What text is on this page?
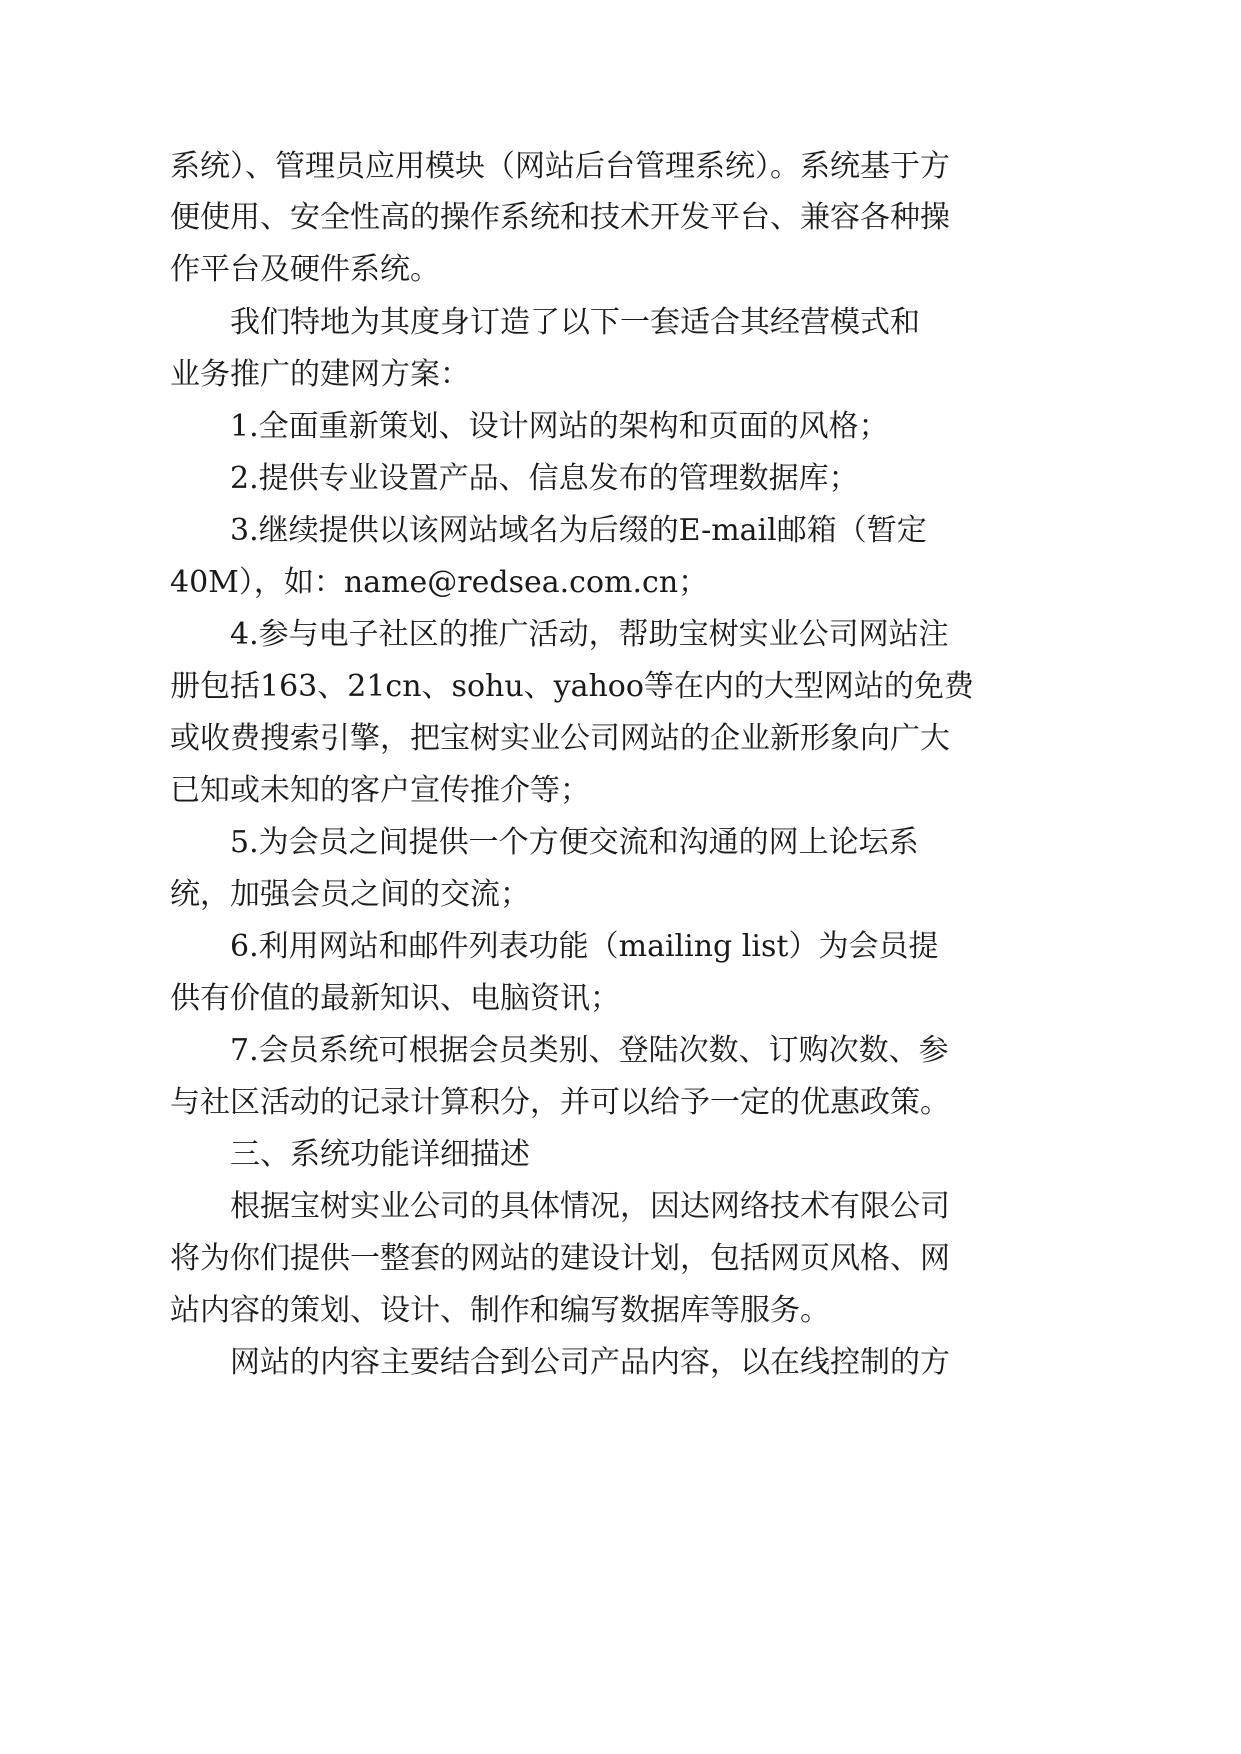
系统）、管理员应用模块（网站后台管理系统）。系统基于方
便使用、安全性高的操作系统和技术开发平台、兼容各种操
作平台及硬件系统。
我们特地为其度身订造了以下一套适合其经营模式和
业务推广的建网方案：
1.全面重新策划、设计网站的架构和页面的风格；
2.提供专业设置产品、信息发布的管理数据库；
3.继续提供以该网站域名为后缀的E-mail邮箱（暂定
40M），如：name@redsea.com.cn；
4.参与电子社区的推广活动，帮助宝树实业公司网站注
册包括163、21cn、sohu、yahoo等在内的大型网站的免费
或收费搜索引擎，把宝树实业公司网站的企业新形象向广大
已知或未知的客户宣传推介等；
5.为会员之间提供一个方便交流和沟通的网上论坛系
统，加强会员之间的交流；
6.利用网站和邮件列表功能（mailing list）为会员提
供有价值的最新知识、电脑资讯；
7.会员系统可根据会员类别、登陆次数、订购次数、参
与社区活动的记录计算积分，并可以给予一定的优惠政策。
三、系统功能详细描述
根据宝树实业公司的具体情况，因达网络技术有限公司
将为你们提供一整套的网站的建设计划，包括网页风格、网
站内容的策划、设计、制作和编写数据库等服务。
网站的内容主要结合到公司产品内容，以在线控制的方
